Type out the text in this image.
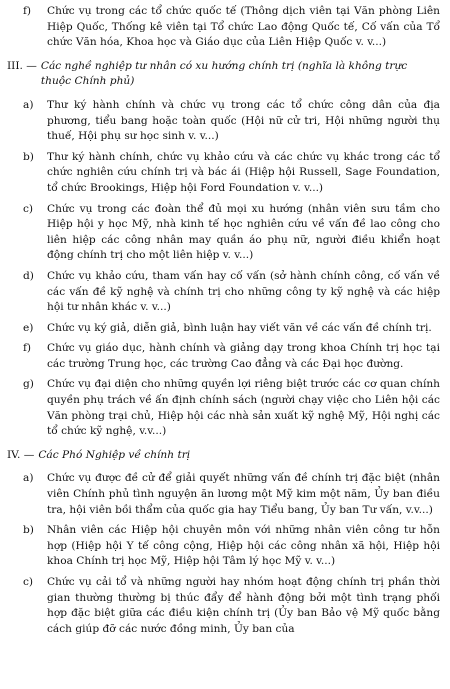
f)	Chức vụ trong các tổ chức quốc tế (Thông dịch viên tại Văn phòng Liên Hiệp Quốc, Thống kê viên tại Tổ chức Lao động Quốc tế, Cố vấn của Tổ chức Văn hóa, Khoa học và Giáo dục của Liên Hiệp Quốc v. v...)
III. — Các nghề nghiệp tư nhân có xu hướng chính trị (nghĩa là không trực thuộc Chính phủ)
a)	Thư ký hành chính và chức vụ trong các tổ chức công dân của địa phương, tiểu bang hoặc toàn quốc (Hội nữ cử tri, Hội những người thụ thuế, Hội phụ sư học sinh v. v...)
b)	Thư ký hành chính, chức vụ khảo cứu và các chức vụ khác trong các tổ chức nghiên cứu chính trị và bác ái (Hiệp hội Russell, Sage Foundation, tổ chức Brookings, Hiệp hội Ford Foundation v. v...)
c)	Chức vụ trong các đoàn thể đủ mọi xu hướng (nhân viên sưu tầm cho Hiệp hội y học Mỹ, nhà kinh tế học nghiên cứu về vấn đề lao công cho liên hiệp các công nhân may quần áo phụ nữ, người điều khiển hoạt động chính trị cho một liên hiệp v. v...)
d)	Chức vụ khảo cứu, tham vấn hay cố vấn (sở hành chính công, cố vấn về các vấn đề kỹ nghệ và chính trị cho những công ty kỹ nghệ và các hiệp hội tư nhân khác v. v...)
e)	Chức vụ ký giả, diễn giả, bình luận hay viết văn về các vấn đề chính trị.
f)	Chức vụ giáo dục, hành chính và giảng dạy trong khoa Chính trị học tại các trường Trung học, các trường Cao đẳng và các Đại học đường.
g)	Chức vụ đại diện cho những quyền lợi riêng biệt trước các cơ quan chính quyền phụ trách về ấn định chính sách (người chạy việc cho Liên hội các Văn phòng trại chủ, Hiệp hội các nhà sản xuất kỹ nghệ Mỹ, Hội nghị các tổ chức kỹ nghệ, v.v...)
IV. — Các Phó Nghiệp về chính trị
a)	Chức vụ được đề cử để giải quyết những vấn đề chính trị đặc biệt (nhân viên Chính phủ tình nguyện ăn lương một Mỹ kim một năm, Ủy ban điều tra, hội viên bồi thẩm của quốc gia hay Tiểu bang, Ủy ban Tư vấn, v.v...)
b)	Nhân viên các Hiệp hội chuyên môn với những nhân viên công tư hỗn hợp (Hiệp hội Y tế công cộng, Hiệp hội các công nhân xã hội, Hiệp hội khoa Chính trị học Mỹ, Hiệp hội Tâm lý học Mỹ v. v...)
c)	Chức vụ cải tổ và những người hay nhóm hoạt động chính trị phần thời gian thường thường bị thúc đẩy để hành động bởi một tình trạng phối hợp đặc biệt giữa các điều kiện chính trị (Ủy ban Bảo vệ Mỹ quốc bằng cách giúp đỡ các nước đồng minh, Ủy ban của
